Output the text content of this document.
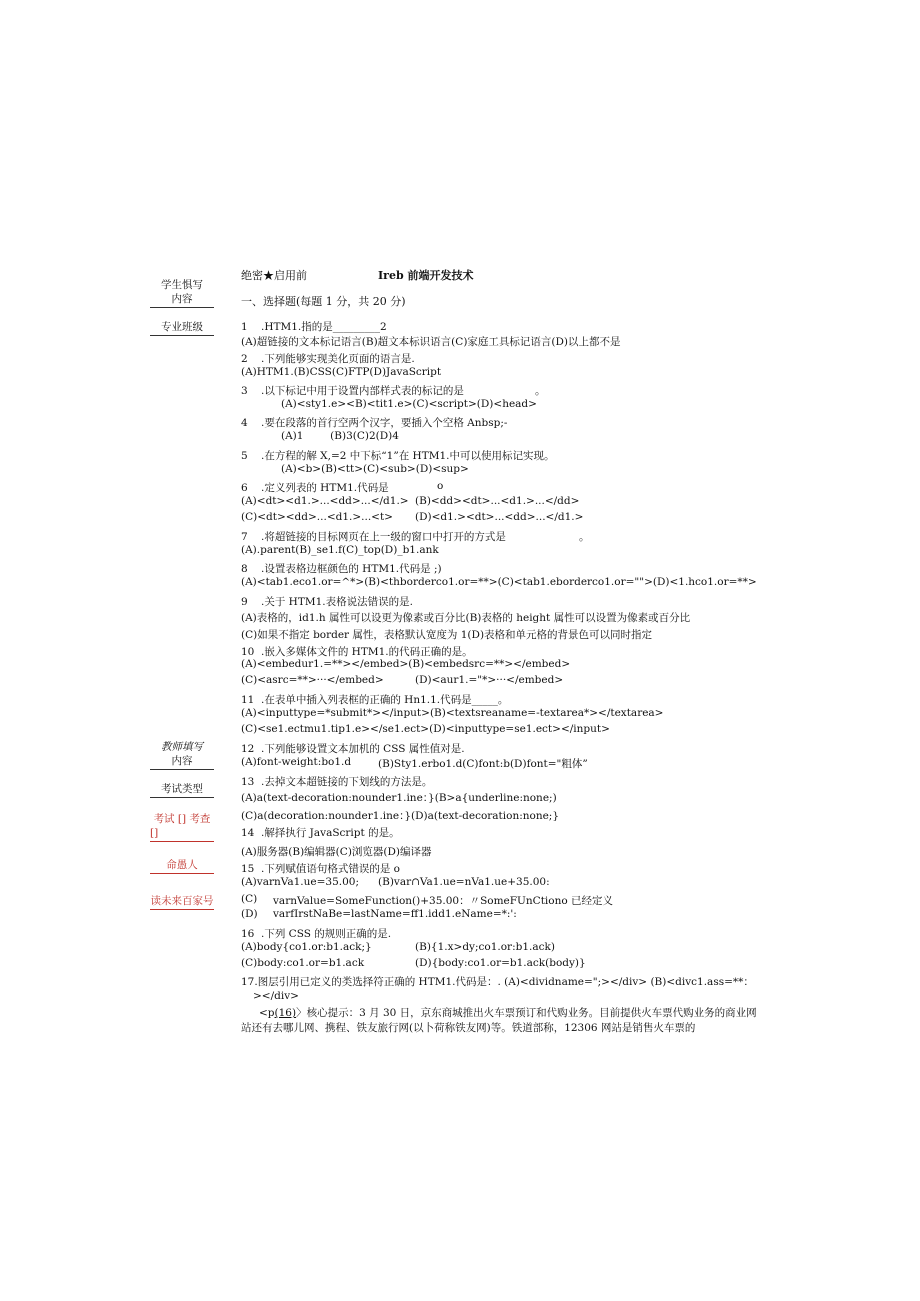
学生惧写

内容
专业班级
教师填写

内容
考试类型
考试 [] 考查

[]
命愚人
读未来百家号
绝密★启用前	Ireb 前端开发技术
一、选择题(每题 1 分，共 20 分)
1 .HTM1.指的是_________2
(A)超链接的文本标记语言(B)超文本标识语言(C)家庭工具标记语言(D)以上都不是
2 .下列能够实现美化页面的语言是.
(A)HTM1.(B)CSS(C)FTP(D)JavaScript
3 .以下标记中用于设置内部样式表的标记的是	。
(A)<sty1.e><B)<tit1.e>(C)<script>(D)<head>
4 .要在段落的首行空两个汉字，要插入个空格 Anbsp;-
(A)1        (B)3(C)2(D)4
5 .在方程的解 X,=2 中下标“1”在 HTM1.中可以使用标记实现。
(A)<b>(B)<tt>(C)<sub>(D)<sup>
6 .定义列表的 HTM1.代码是	o
(A)<dt><d1.>...<dd>...</d1.> (B)<dd><dt>...<d1.>...</dd>
(C)<dt><dd>...<d1.>...<t> (D)<d1.><dt>...<dd>...</d1.>
7 .将超链接的目标网页在上一级的窗口中打开的方式是	。
(A).parent(B)_se1.f(C)_top(D)_b1.ank
8 .设置表格边框颜色的 HTM1.代码是 ;)
(A)<tab1.eco1.or=^*>(B)<thborderco1.or=**>(C)<tab1.eborderco1.or="">(D)<1.hco1.or=**>
9 .关于 HTM1.表格说法错误的是.
(A)表格的，id1.h 属性可以设更为像素或百分比(B)表格的 height 属性可以设置为像素或百分比
(C)如果不指定 border 属性，表格默认宽度为 1(D)表格和单元格的背景色可以同时指定
10 .嵌入多媒体文件的 HTM1.的代码正确的是。
(A)<embedur1.=**></embed>(B)<embedsrc=**></embed>
(C)<asrc=**>···</embed>	(D)<aur1.="*>···</embed>
11 .在表单中插入列表框的正确的 Hn1.1.代码是_____。
(A)<inputtype=*submit*></input>(B)<textsreaname=-textarea*></textarea>
(C)<se1.ectmu1.tip1.e></se1.ect>(D)<inputtype=se1.ect></input>
12 .下列能够设置文本加机的 CSS 属性值对是.
(A)font-weight:bo1.d	(B)Sty1.erbo1.d(C)font:b(D)font="粗体”
13 .去掉文本超链接的下划线的方法是。
(A)a(text-decoration:nounder1.ine：}(B>a{underline:none;)
(C)a(decoration:nounder1.ine：}(D)a(text-decoration:none;}
14 .解择执行 JavaScript 的是。
(A)服务器(B)编辑器(C)浏览器(D)编译器
15 .下列赋值语句格式错误的是 o
(A)varnVa1.ue=35.00; (B)var∩Va1.ue=nVa1.ue+35.00:
(C) varnValue=SomeFunction()+35.00：〃SomeFUnCtiono 已经定义
(D) varfIrstNaBe=lastName=ff1.idd1.eName=*:':
16 .下列 CSS 的规则正确的是.
(A)body{co1.or:b1.ack;}	(B){1.x>dy;co1.or:b1.ack)
(C)body:co1.or=b1.ack	(D){body:co1.or=b1.ack(body)}
17.图层引用已定义的类选择符正确的 HTM1.代码是：. (A)<dividname=";></div> (B)<divc1.ass=**：
></div>
<p(16)〉核心提示：3 月 30 日，京东商城推出火车票预订和代购业务。目前提供火车票代购业务的商业网站还有去哪儿网、携程、铁友旅行网(以卜荷称铁友网)等。铁道部称，12306 网站是销售火车票的
